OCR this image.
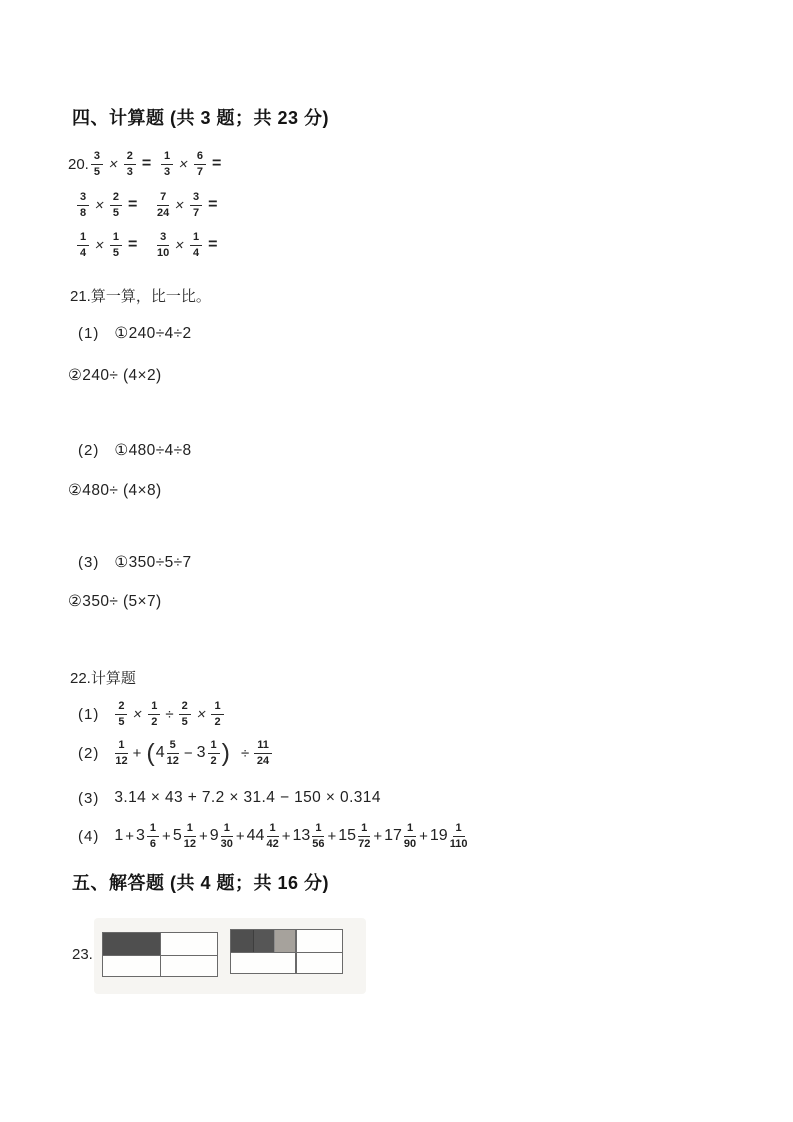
四、计算题 (共 3 题；共 23 分)
20. $\frac{3}{5} \times \frac{2}{3} = \frac{1}{3} \times \frac{6}{7}$ =
$\frac{3}{8} \times \frac{2}{5} = \frac{7}{24} \times \frac{3}{7}$ =
$\frac{1}{4} \times \frac{1}{5} = \frac{3}{10} \times \frac{1}{4}$ =
21.算一算，比一比。
(1) ①240÷4÷2
②240÷ (4×2)
(2) ①480÷4÷8
②480÷ (4×8)
(3) ①350÷5÷7
②350÷ (5×7)
22.计算题
$(1) \frac{2}{5} \times \frac{1}{2} \div \frac{2}{5} \times \frac{1}{2}$
$(2) \frac{1}{12}$ + ( $4 \frac{5}{12} - 3 \frac{1}{2}$ ) ÷ $\frac{11}{24}$
(3) 3.14 × 43 + 7.2 × 31.4 − 150 × 0.314
(4) $1 + 3 \frac{1}{6} + 5 \frac{1}{12} + 9 \frac{1}{30} + 44 \frac{1}{42} + 13 \frac{1}{56} + 15 \frac{1}{72} + 17 \frac{1}{90} + 19 \frac{1}{110}$
五、解答题 (共 4 题；共 16 分)
23.
